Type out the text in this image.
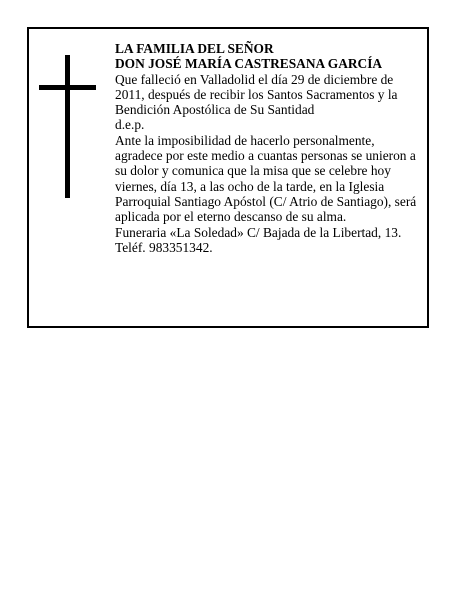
LA FAMILIA DEL SEÑOR

DON JOSÉ MARÍA CASTRESANA GARCÍA

Que falleció en Valladolid el día 29 de diciembre de 2011, después de recibir los Santos Sacramentos y la Bendición Apostólica de Su Santidad

d.e.p.

Ante la imposibilidad de hacerlo personalmente, agradece por este medio a cuantas personas se unieron a su dolor y comunica que la misa que se celebre hoy viernes, día 13, a las ocho de la tarde, en la Iglesia Parroquial Santiago Apóstol (C/ Atrio de Santiago), será aplicada por el eterno descanso de su alma.

Funeraria «La Soledad» C/ Bajada de la Libertad, 13.

Teléf. 983351342.
